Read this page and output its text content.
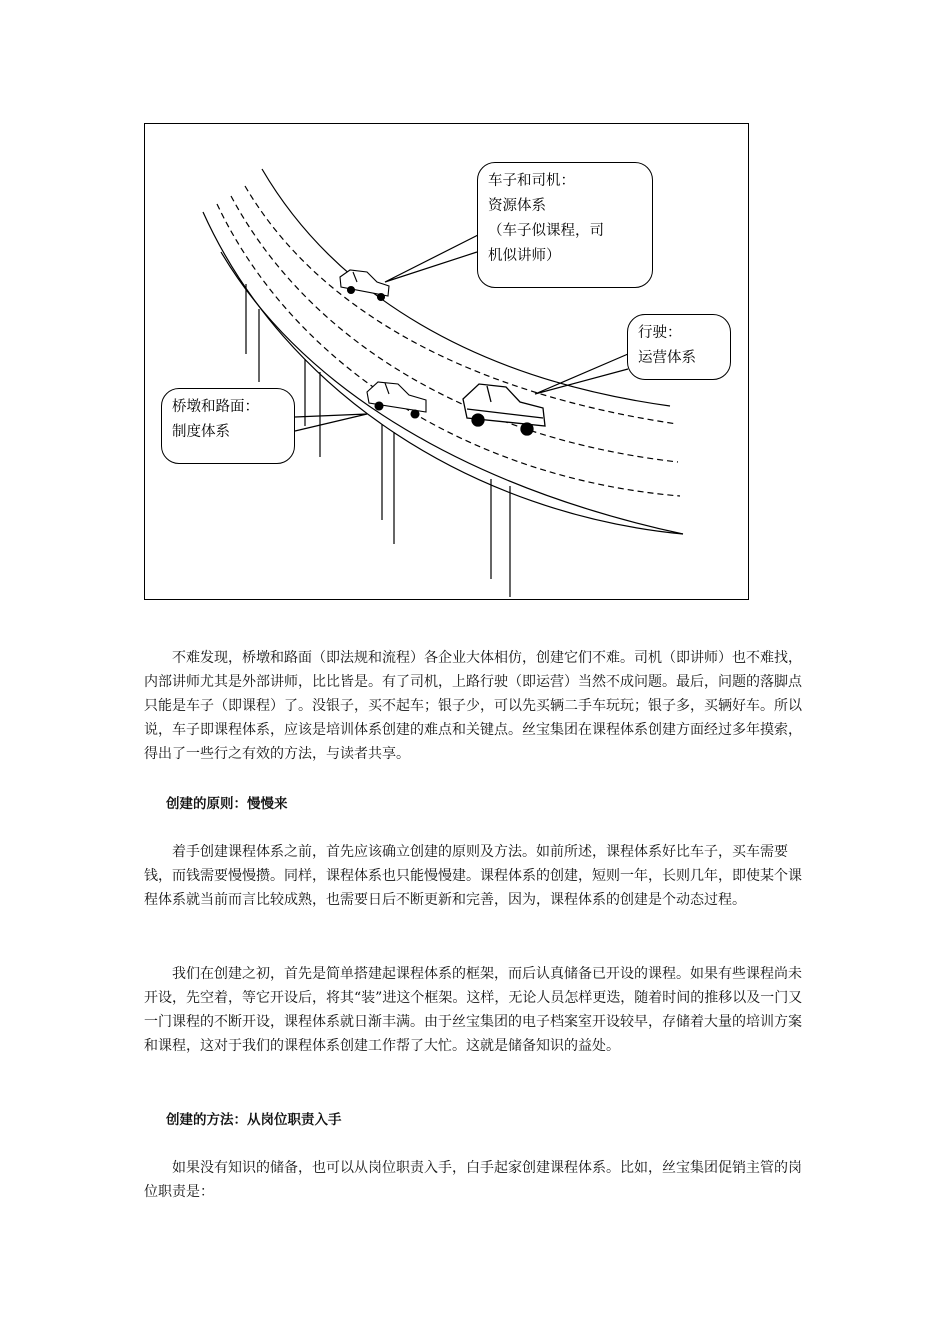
车子和司机：
资源体系
（车子似课程，司
机似讲师）
行驶：
运营体系
桥墩和路面：
制度体系

不难发现，桥墩和路面（即法规和流程）各企业大体相仿，创建它们不难。司机（即讲师）也不难找，内部讲师尤其是外部讲师，比比皆是。有了司机，上路行驶（即运营）当然不成问题。最后，问题的落脚点只能是车子（即课程）了。没银子，买不起车；银子少，可以先买辆二手车玩玩；银子多，买辆好车。所以说，车子即课程体系，应该是培训体系创建的难点和关键点。丝宝集团在课程体系创建方面经过多年摸索，得出了一些行之有效的方法，与读者共享。

创建的原则：慢慢来

着手创建课程体系之前，首先应该确立创建的原则及方法。如前所述，课程体系好比车子，买车需要钱，而钱需要慢慢攒。同样，课程体系也只能慢慢建。课程体系的创建，短则一年，长则几年，即使某个课程体系就当前而言比较成熟，也需要日后不断更新和完善，因为，课程体系的创建是个动态过程。

我们在创建之初，首先是简单搭建起课程体系的框架，而后认真储备已开设的课程。如果有些课程尚未开设，先空着，等它开设后，将其“装”进这个框架。这样，无论人员怎样更迭，随着时间的推移以及一门又一门课程的不断开设，课程体系就日渐丰满。由于丝宝集团的电子档案室开设较早，存储着大量的培训方案和课程，这对于我们的课程体系创建工作帮了大忙。这就是储备知识的益处。

创建的方法：从岗位职责入手

如果没有知识的储备，也可以从岗位职责入手，白手起家创建课程体系。比如，丝宝集团促销主管的岗位职责是：
